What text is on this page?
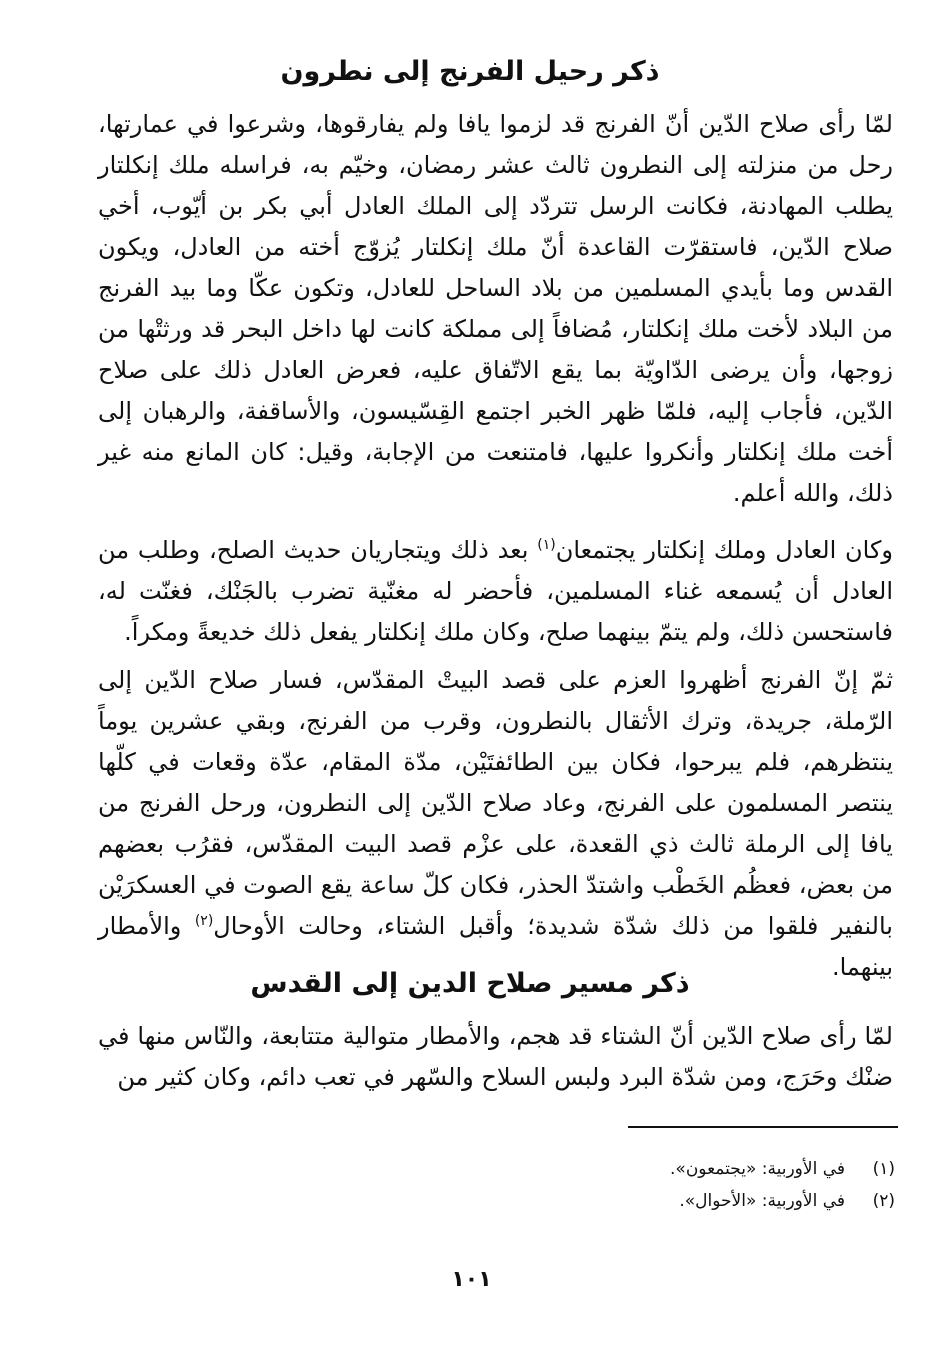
ذكر رحيل الفرنج إلى نطرون

لمّا رأى صلاح الدّين أنّ الفرنج قد لزموا يافا ولم يفارقوها، وشرعوا في عمارتها، رحل من منزلته إلى النطرون ثالث عشر رمضان، وخيّم به، فراسله ملك إنكلتار يطلب المهادنة، فكانت الرسل تتردّد إلى الملك العادل أبي بكر بن أيّوب، أخي صلاح الدّين، فاستقرّت القاعدة أنّ ملك إنكلتار يُزوّج أخته من العادل، ويكون القدس وما بأيدي المسلمين من بلاد الساحل للعادل، وتكون عكّا وما بيد الفرنج من البلاد لأخت ملك إنكلتار، مُضافاً إلى مملكة كانت لها داخل البحر قد ورثتْها من زوجها، وأن يرضى الدّاويّة بما يقع الاتّفاق عليه، فعرض العادل ذلك على صلاح الدّين، فأجاب إليه، فلمّا ظهر الخبر اجتمع القِسّيسون، والأساقفة، والرهبان إلى أخت ملك إنكلتار وأنكروا عليها، فامتنعت من الإجابة، وقيل: كان المانع منه غير ذلك، والله أعلم.

وكان العادل وملك إنكلتار يجتمعان$^{(١)}$ بعد ذلك ويتجاريان حديث الصلح، وطلب من العادل أن يُسمعه غناء المسلمين، فأحضر له مغنّية تضرب بالجَنْك، فغنّت له، فاستحسن ذلك، ولم يتمّ بينهما صلح، وكان ملك إنكلتار يفعل ذلك خديعةً ومكراً.

ثمّ إنّ الفرنج أظهروا العزم على قصد البيتْ المقدّس، فسار صلاح الدّين إلى الرّملة، جريدة، وترك الأثقال بالنطرون، وقرب من الفرنج، وبقي عشرين يوماً ينتظرهم، فلم يبرحوا، فكان بين الطائفتَيْن، مدّة المقام، عدّة وقعات في كلّها ينتصر المسلمون على الفرنج، وعاد صلاح الدّين إلى النطرون، ورحل الفرنج من يافا إلى الرملة ثالث ذي القعدة، على عزْم قصد البيت المقدّس، فقرُب بعضهم من بعض، فعظُم الخَطْب واشتدّ الحذر، فكان كلّ ساعة يقع الصوت في العسكرَيْن بالنفير فلقوا من ذلك شدّة شديدة؛ وأقبل الشتاء، وحالت الأوحال$^{(٢)}$ والأمطار بينهما.

ذكر مسير صلاح الدين إلى القدس

لمّا رأى صلاح الدّين أنّ الشتاء قد هجم، والأمطار متوالية متتابعة، والنّاس منها في ضنْك وحَرَج، ومن شدّة البرد ولبس السلاح والسّهر في تعب دائم، وكان كثير من

(١)في الأوربية: «يجتمعون».

(٢)في الأوربية: «الأحوال».

١٠١
